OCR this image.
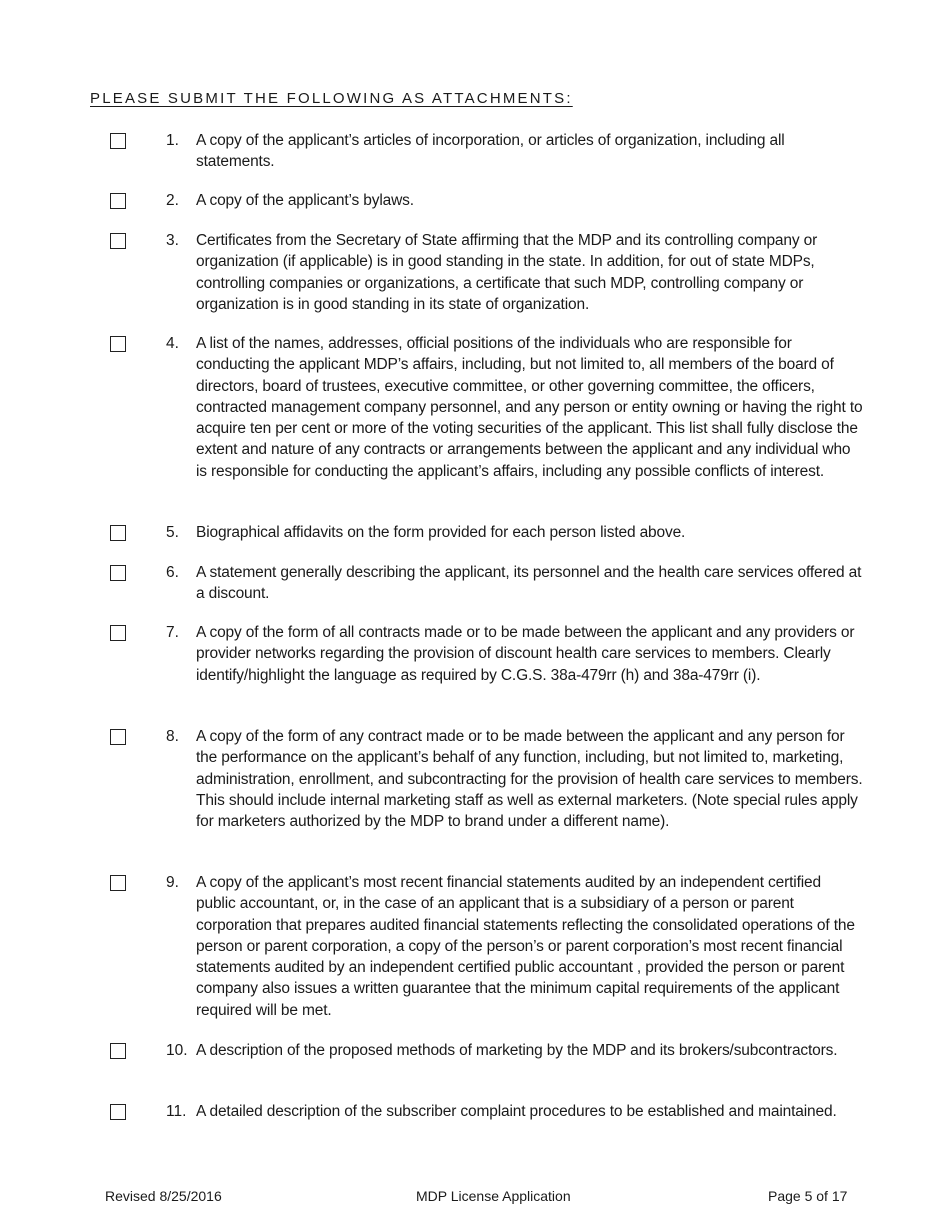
PLEASE SUBMIT THE FOLLOWING AS ATTACHMENTS:
1. A copy of the applicant’s articles of incorporation, or articles of organization, including all statements.
2. A copy of the applicant’s bylaws.
3. Certificates from the Secretary of State affirming that the MDP and its controlling company or organization (if applicable) is in good standing in the state. In addition, for out of state MDPs, controlling companies or organizations, a certificate that such MDP, controlling company or organization is in good standing in its state of organization.
4. A list of the names, addresses, official positions of the individuals who are responsible for conducting the applicant MDP’s affairs, including, but not limited to, all members of the board of directors, board of trustees, executive committee, or other governing committee, the officers, contracted management company personnel, and any person or entity owning or having the right to acquire ten per cent or more of the voting securities of the applicant. This list shall fully disclose the extent and nature of any contracts or arrangements between the applicant and any individual who is responsible for conducting the applicant’s affairs, including any possible conflicts of interest.
5. Biographical affidavits on the form provided for each person listed above.
6. A statement generally describing the applicant, its personnel and the health care services offered at a discount.
7. A copy of the form of all contracts made or to be made between the applicant and any providers or provider networks regarding the provision of discount health care services to members. Clearly identify/highlight the language as required by C.G.S. 38a-479rr (h) and 38a-479rr (i).
8. A copy of the form of any contract made or to be made between the applicant and any person for the performance on the applicant’s behalf of any function, including, but not limited to, marketing, administration, enrollment, and subcontracting for the provision of health care services to members. This should include internal marketing staff as well as external marketers. (Note special rules apply for marketers authorized by the MDP to brand under a different name).
9. A copy of the applicant’s most recent financial statements audited by an independent certified public accountant, or, in the case of an applicant that is a subsidiary of a person or parent corporation that prepares audited financial statements reflecting the consolidated operations of the person or parent corporation, a copy of the person’s or parent corporation’s most recent financial statements audited by an independent certified public accountant , provided the person or parent company also issues a written guarantee that the minimum capital requirements of the applicant required will be met.
10. A description of the proposed methods of marketing by the MDP and its brokers/subcontractors.
11. A detailed description of the subscriber complaint procedures to be established and maintained.
Revised 8/25/2016	MDP License Application	Page 5 of 17
